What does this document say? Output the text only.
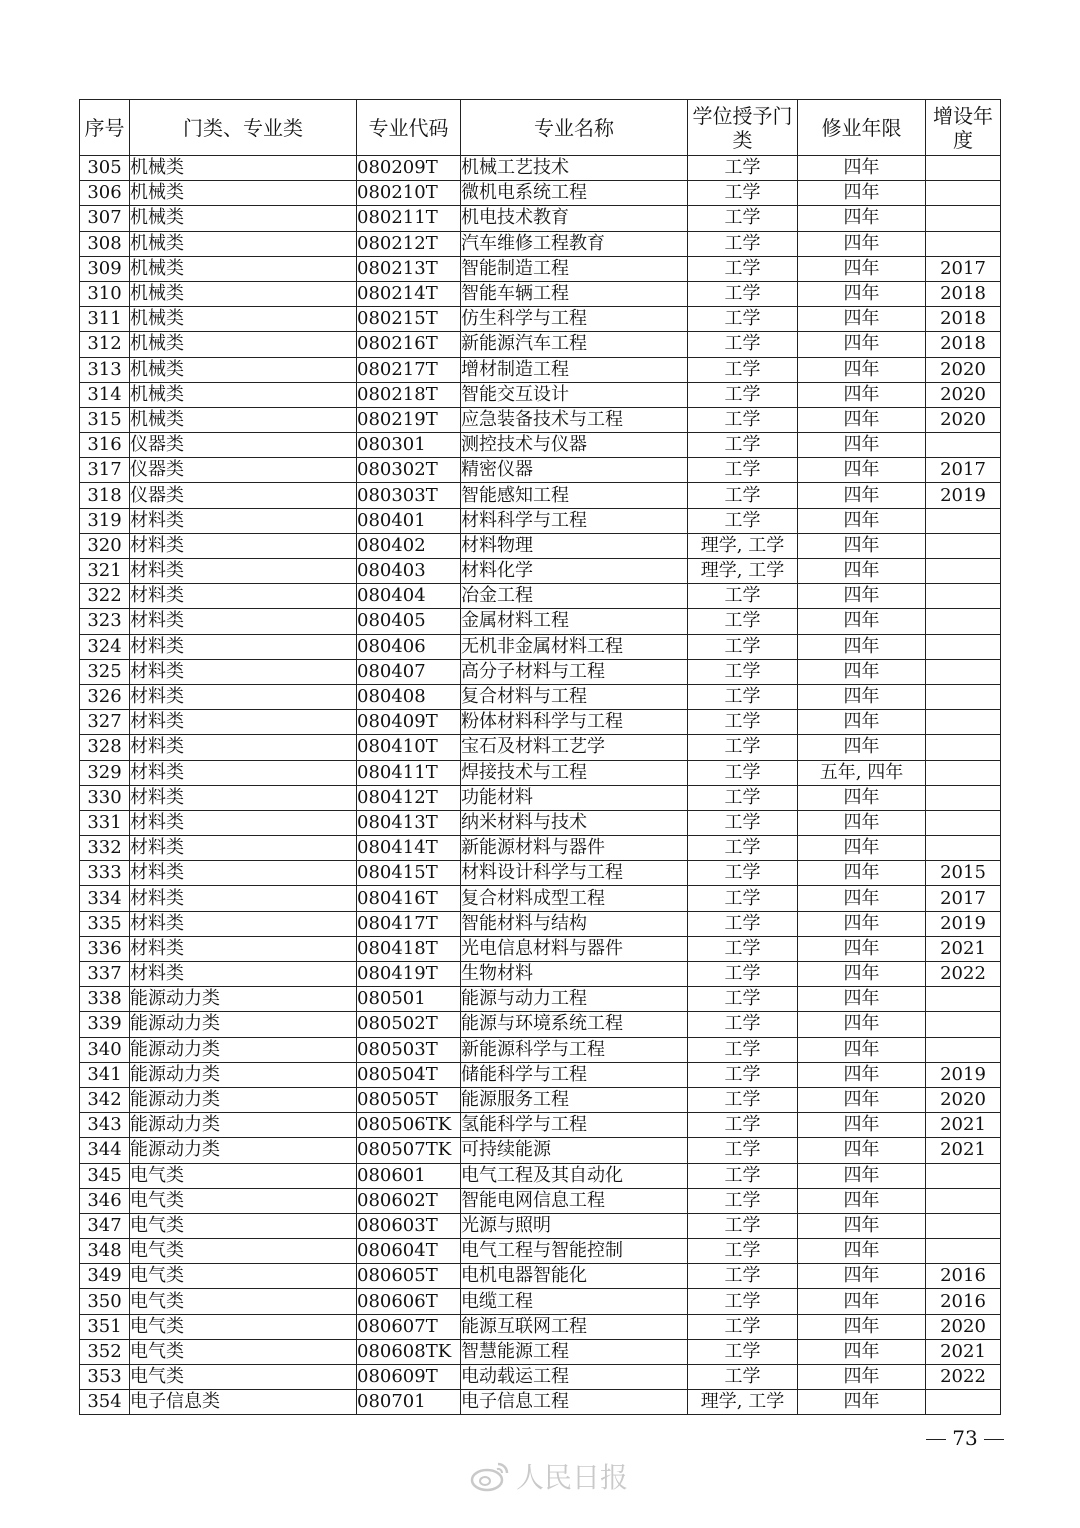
序号	门类、专业类	专业代码	专业名称	学位授予门类	修业年限	增设年度
305	机械类	080209T	机械工艺技术	工学	四年	
306	机械类	080210T	微机电系统工程	工学	四年	
307	机械类	080211T	机电技术教育	工学	四年	
308	机械类	080212T	汽车维修工程教育	工学	四年	
309	机械类	080213T	智能制造工程	工学	四年	2017
310	机械类	080214T	智能车辆工程	工学	四年	2018
311	机械类	080215T	仿生科学与工程	工学	四年	2018
312	机械类	080216T	新能源汽车工程	工学	四年	2018
313	机械类	080217T	增材制造工程	工学	四年	2020
314	机械类	080218T	智能交互设计	工学	四年	2020
315	机械类	080219T	应急装备技术与工程	工学	四年	2020
316	仪器类	080301	测控技术与仪器	工学	四年	
317	仪器类	080302T	精密仪器	工学	四年	2017
318	仪器类	080303T	智能感知工程	工学	四年	2019
319	材料类	080401	材料科学与工程	工学	四年	
320	材料类	080402	材料物理	理学, 工学	四年	
321	材料类	080403	材料化学	理学, 工学	四年	
322	材料类	080404	冶金工程	工学	四年	
323	材料类	080405	金属材料工程	工学	四年	
324	材料类	080406	无机非金属材料工程	工学	四年	
325	材料类	080407	高分子材料与工程	工学	四年	
326	材料类	080408	复合材料与工程	工学	四年	
327	材料类	080409T	粉体材料科学与工程	工学	四年	
328	材料类	080410T	宝石及材料工艺学	工学	四年	
329	材料类	080411T	焊接技术与工程	工学	五年, 四年	
330	材料类	080412T	功能材料	工学	四年	
331	材料类	080413T	纳米材料与技术	工学	四年	
332	材料类	080414T	新能源材料与器件	工学	四年	
333	材料类	080415T	材料设计科学与工程	工学	四年	2015
334	材料类	080416T	复合材料成型工程	工学	四年	2017
335	材料类	080417T	智能材料与结构	工学	四年	2019
336	材料类	080418T	光电信息材料与器件	工学	四年	2021
337	材料类	080419T	生物材料	工学	四年	2022
338	能源动力类	080501	能源与动力工程	工学	四年	
339	能源动力类	080502T	能源与环境系统工程	工学	四年	
340	能源动力类	080503T	新能源科学与工程	工学	四年	
341	能源动力类	080504T	储能科学与工程	工学	四年	2019
342	能源动力类	080505T	能源服务工程	工学	四年	2020
343	能源动力类	080506TK	氢能科学与工程	工学	四年	2021
344	能源动力类	080507TK	可持续能源	工学	四年	2021
345	电气类	080601	电气工程及其自动化	工学	四年	
346	电气类	080602T	智能电网信息工程	工学	四年	
347	电气类	080603T	光源与照明	工学	四年	
348	电气类	080604T	电气工程与智能控制	工学	四年	
349	电气类	080605T	电机电器智能化	工学	四年	2016
350	电气类	080606T	电缆工程	工学	四年	2016
351	电气类	080607T	能源互联网工程	工学	四年	2020
352	电气类	080608TK	智慧能源工程	工学	四年	2021
353	电气类	080609T	电动载运工程	工学	四年	2022
354	电子信息类	080701	电子信息工程	理学, 工学	四年	
73
人民日报
